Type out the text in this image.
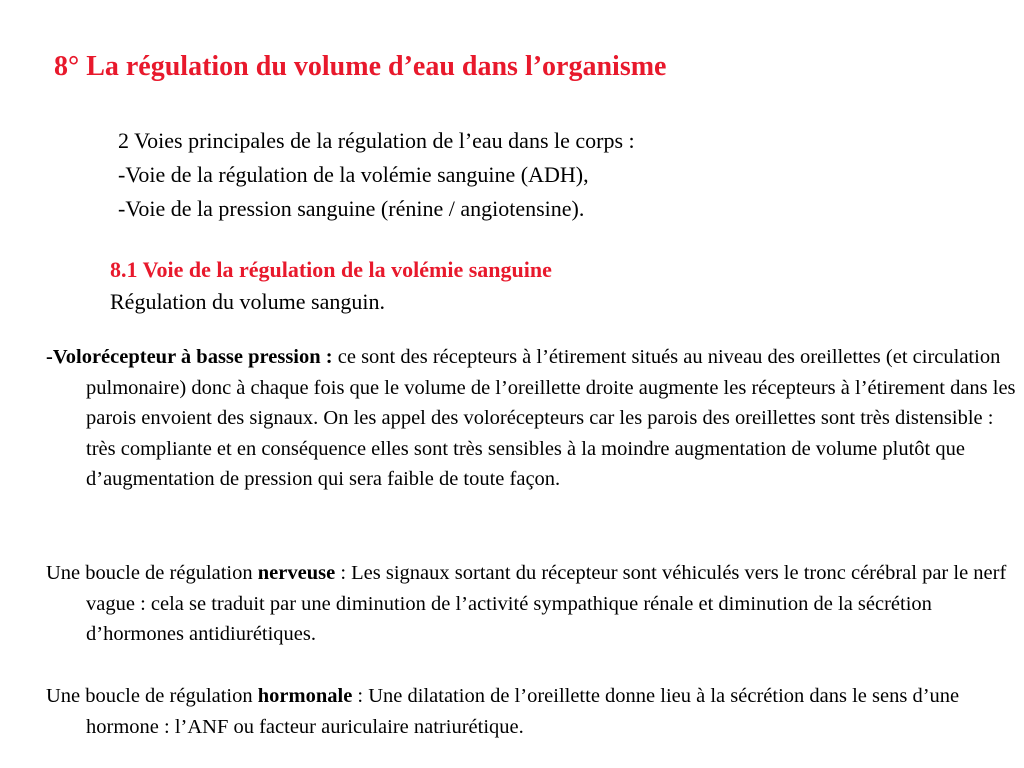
8° La régulation du volume d’eau dans l’organisme
2 Voies principales de la régulation de l’eau dans le corps :
-Voie de la régulation de la volémie sanguine (ADH),
-Voie de la pression sanguine (rénine / angiotensine).
8.1 Voie de la régulation de la volémie sanguine
Régulation du volume sanguin.
-Volorécepteur à basse pression : ce sont des récepteurs à l’étirement situés au niveau des oreillettes (et circulation pulmonaire) donc à chaque fois que le volume de l’oreillette droite augmente les récepteurs à l’étirement dans les parois envoient des signaux. On les appel des volorécepteurs car les parois des oreillettes sont très distensible : très compliante et en conséquence elles sont très sensibles à la moindre augmentation de volume plutôt que d’augmentation de pression qui sera faible de toute façon.
Une boucle de régulation nerveuse : Les signaux sortant du récepteur sont véhiculés vers le tronc cérébral par le nerf vague : cela se traduit par une diminution de l’activité sympathique rénale et diminution de la sécrétion d’hormones antidiurétiques.
Une boucle de régulation hormonale : Une dilatation de l’oreillette donne lieu à la sécrétion dans le sens d’une hormone : l’ANF ou facteur auriculaire natriurétique.
